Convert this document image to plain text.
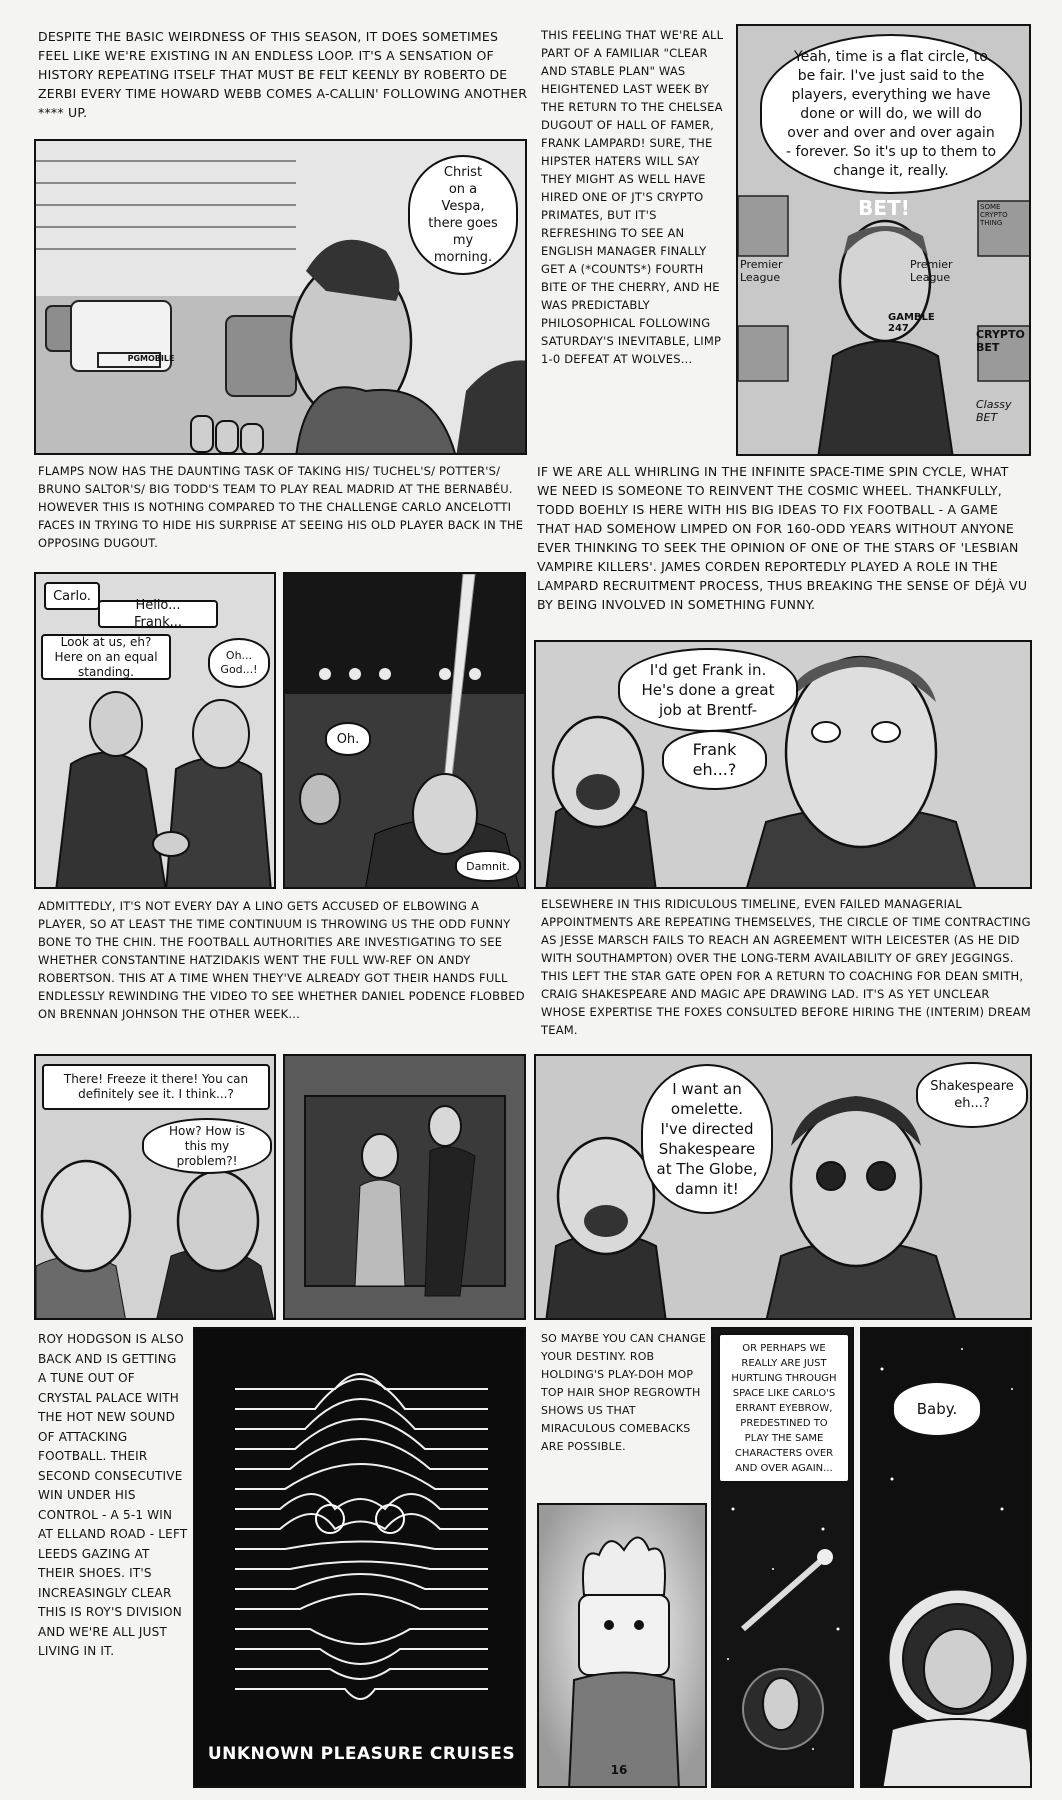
DESPITE THE BASIC WEIRDNESS OF THIS SEASON, IT DOES SOMETIMES FEEL LIKE WE'RE EXISTING IN AN ENDLESS LOOP. IT'S A SENSATION OF HISTORY REPEATING ITSELF THAT MUST BE FELT KEENLY BY ROBERTO DE ZERBI EVERY TIME HOWARD WEBB COMES A-CALLIN' FOLLOWING ANOTHER **** UP.
THIS FEELING THAT WE'RE ALL PART OF A FAMILIAR "CLEAR AND STABLE PLAN" WAS HEIGHTENED LAST WEEK BY THE RETURN TO THE CHELSEA DUGOUT OF HALL OF FAMER, FRANK LAMPARD! SURE, THE HIPSTER HATERS WILL SAY THEY MIGHT AS WELL HAVE HIRED ONE OF JT'S CRYPTO PRIMATES, BUT IT'S REFRESHING TO SEE AN ENGLISH MANAGER FINALLY GET A (*COUNTS*) FOURTH BITE OF THE CHERRY, AND HE WAS PREDICTABLY PHILOSOPHICAL FOLLOWING SATURDAY'S INEVITABLE, LIMP 1-0 DEFEAT AT WOLVES...
PGMOBILE
Christ
on a
Vespa,
there goes
my
morning.
BET!
Premier
League
Premier
League
CRYPTO
BET
Classy
BET
SOME
CRYPTO
THING
GAMBLE
247
Yeah, time is a flat circle, to be fair. I've just said to the players, everything we have done or will do, we will do over and over and over again - forever. So it's up to them to change it, really.
FLAMPS NOW HAS THE DAUNTING TASK OF TAKING HIS/ TUCHEL'S/ POTTER'S/ BRUNO SALTOR'S/ BIG TODD'S TEAM TO PLAY REAL MADRID AT THE BERNABÉU. HOWEVER THIS IS NOTHING COMPARED TO THE CHALLENGE CARLO ANCELOTTI FACES IN TRYING TO HIDE HIS SURPRISE AT SEEING HIS OLD PLAYER BACK IN THE OPPOSING DUGOUT.
IF WE ARE ALL WHIRLING IN THE INFINITE SPACE-TIME SPIN CYCLE, WHAT WE NEED IS SOMEONE TO REINVENT THE COSMIC WHEEL. THANKFULLY, TODD BOEHLY IS HERE WITH HIS BIG IDEAS TO FIX FOOTBALL - A GAME THAT HAD SOMEHOW LIMPED ON FOR 160-ODD YEARS WITHOUT ANYONE EVER THINKING TO SEEK THE OPINION OF ONE OF THE STARS OF 'LESBIAN VAMPIRE KILLERS'. JAMES CORDEN REPORTEDLY PLAYED A ROLE IN THE LAMPARD RECRUITMENT PROCESS, THUS BREAKING THE SENSE OF DÉJÀ VU BY BEING INVOLVED IN SOMETHING FUNNY.
Carlo.
Hello... Frank...
Look at us, eh? Here on an equal standing.
Oh...
God...!
Oh.
Damnit.
I'd get Frank in.
He's done a great
job at Brentf-
Frank
eh...?
ADMITTEDLY, IT'S NOT EVERY DAY A LINO GETS ACCUSED OF ELBOWING A PLAYER, SO AT LEAST THE TIME CONTINUUM IS THROWING US THE ODD FUNNY BONE TO THE CHIN. THE FOOTBALL AUTHORITIES ARE INVESTIGATING TO SEE WHETHER CONSTANTINE HATZIDAKIS WENT THE FULL WW-REF ON ANDY ROBERTSON. THIS AT A TIME WHEN THEY'VE ALREADY GOT THEIR HANDS FULL ENDLESSLY REWINDING THE VIDEO TO SEE WHETHER DANIEL PODENCE FLOBBED ON BRENNAN JOHNSON THE OTHER WEEK...
ELSEWHERE IN THIS RIDICULOUS TIMELINE, EVEN FAILED MANAGERIAL APPOINTMENTS ARE REPEATING THEMSELVES, THE CIRCLE OF TIME CONTRACTING AS JESSE MARSCH FAILS TO REACH AN AGREEMENT WITH LEICESTER (AS HE DID WITH SOUTHAMPTON) OVER THE LONG-TERM AVAILABILITY OF GREY JEGGINGS. THIS LEFT THE STAR GATE OPEN FOR A RETURN TO COACHING FOR DEAN SMITH, CRAIG SHAKESPEARE AND MAGIC APE DRAWING LAD. IT'S AS YET UNCLEAR WHOSE EXPERTISE THE FOXES CONSULTED BEFORE HIRING THE (INTERIM) DREAM TEAM.
There! Freeze it there! You can definitely see it. I think...?
How? How is
this my problem?!
I want an
omelette.
I've directed
Shakespeare
at The Globe,
damn it!
Shakespeare
eh...?
ROY HODGSON IS ALSO BACK AND IS GETTING A TUNE OUT OF CRYSTAL PALACE WITH THE HOT NEW SOUND OF ATTACKING FOOTBALL. THEIR SECOND CONSECUTIVE WIN UNDER HIS CONTROL - A 5-1 WIN AT ELLAND ROAD - LEFT LEEDS GAZING AT THEIR SHOES. IT'S INCREASINGLY CLEAR THIS IS ROY'S DIVISION AND WE'RE ALL JUST LIVING IN IT.
UNKNOWN PLEASURE CRUISES
SO MAYBE YOU CAN CHANGE YOUR DESTINY. ROB HOLDING'S PLAY-DOH MOP TOP HAIR SHOP REGROWTH SHOWS US THAT MIRACULOUS COMEBACKS ARE POSSIBLE.
16
OR PERHAPS WE REALLY ARE JUST HURTLING THROUGH SPACE LIKE CARLO'S ERRANT EYEBROW, PREDESTINED TO PLAY THE SAME CHARACTERS OVER AND OVER AGAIN...
Baby.
